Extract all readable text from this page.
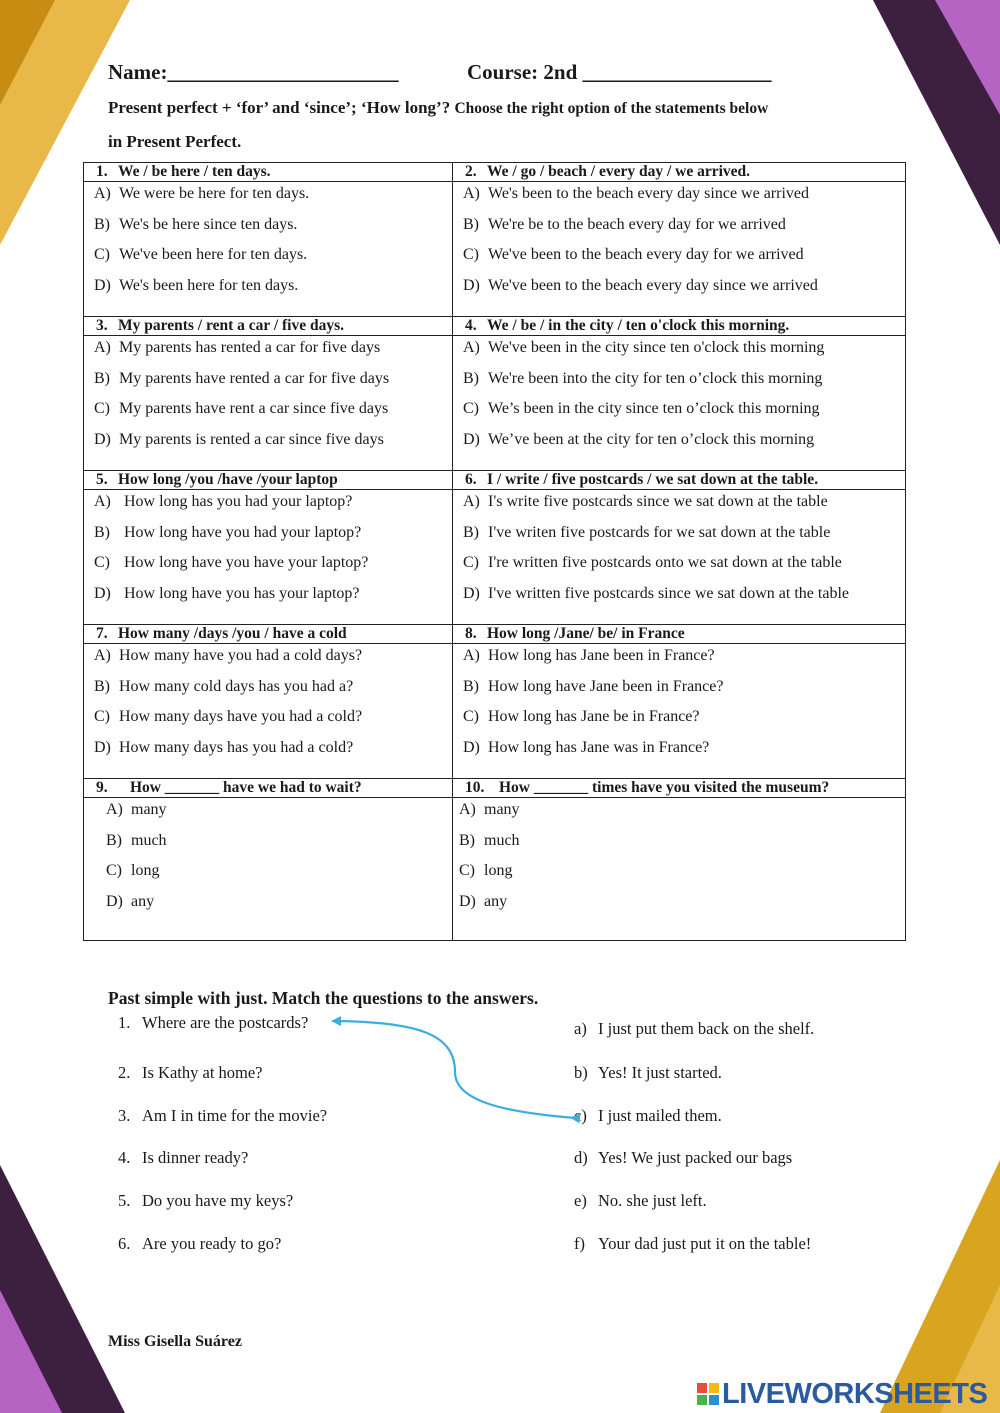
Name:______________________	Course: 2nd __________________
Present perfect + ‘for’ and ‘since’; ‘How long’? Choose the right option of the statements below
in Present Perfect.
1. We / be here / ten days.	2. We / go / beach / every day / we arrived.
A) We were be here for ten days.	A) We's been to the beach every day since we arrived
B) We's be here since ten days.	B) We're be to the beach every day for we arrived
C) We've been here for ten days.	C) We've been to the beach every day for we arrived
D) We's been here for ten days.	D) We've been to the beach every day since we arrived

3. My parents / rent a car / five days.	4. We / be / in the city / ten o'clock this morning.
A) My parents has rented a car for five days	A) We've been in the city since ten o'clock this morning
B) My parents have rented a car for five days	B) We're been into the city for ten o’clock this morning
C) My parents have rent a car since five days	C) We’s been in the city since ten o’clock this morning
D) My parents is rented a car since five days	D) We’ve been at the city for ten o’clock this morning

5. How long /you /have /your laptop	6. I / write / five postcards / we sat down at the table.
A) How long has you had your laptop?	A) I's write five postcards since we sat down at the table
B) How long have you had your laptop?	B) I've writen five postcards for we sat down at the table
C) How long have you have your laptop?	C) I're written five postcards onto we sat down at the table
D) How long have you has your laptop?	D) I've written five postcards since we sat down at the table

7. How many /days /you / have a cold	8. How long /Jane/ be/ in France
A) How many have you had a cold days?	A) How long has Jane been in France?
B) How many cold days has you had a?	B) How long have Jane been in France?
C) How many days have you had a cold?	C) How long has Jane be in France?
D) How many days has you had a cold?	D) How long has Jane was in France?

9. How _______ have we had to wait?	10. How _______ times have you visited the museum?
A) many	A) many
B) much	B) much
C) long	C) long
D) any	D) any

Past simple with just. Match the questions to the answers.
1. Where are the postcards?
2. Is Kathy at home?
3. Am I in time for the movie?
4. Is dinner ready?
5. Do you have my keys?
6. Are you ready to go?
a) I just put them back on the shelf.
b) Yes! It just started.
c) I just mailed them.
d) Yes! We just packed our bags
e) No. she just left.
f) Your dad just put it on the table!
Miss Gisella Suárez
LIVEWORKSHEETS
